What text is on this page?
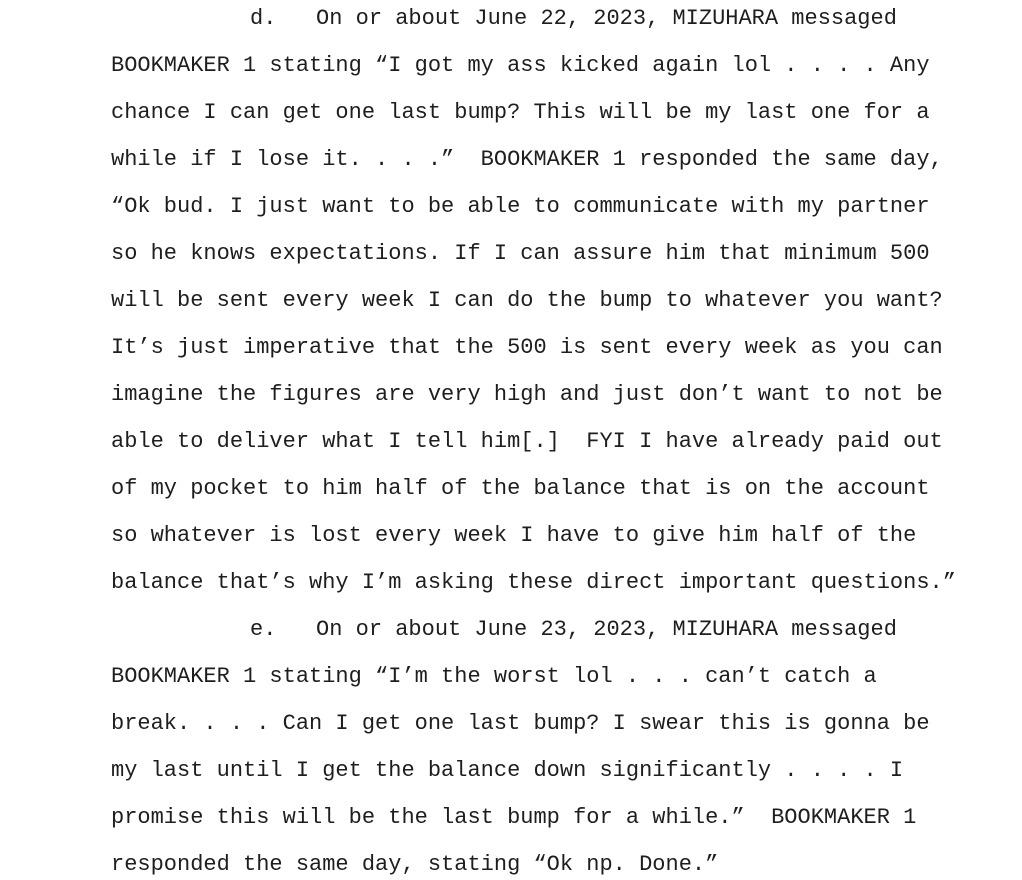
d.   On or about June 22, 2023, MIZUHARA messaged

BOOKMAKER 1 stating “I got my ass kicked again lol . . . . Any

chance I can get one last bump? This will be my last one for a

while if I lose it. . . .”  BOOKMAKER 1 responded the same day,

“Ok bud. I just want to be able to communicate with my partner

so he knows expectations. If I can assure him that minimum 500

will be sent every week I can do the bump to whatever you want?

It’s just imperative that the 500 is sent every week as you can

imagine the figures are very high and just don’t want to not be

able to deliver what I tell him[.]  FYI I have already paid out

of my pocket to him half of the balance that is on the account

so whatever is lost every week I have to give him half of the

balance that’s why I’m asking these direct important questions.”

e.   On or about June 23, 2023, MIZUHARA messaged

BOOKMAKER 1 stating “I’m the worst lol . . . can’t catch a

break. . . . Can I get one last bump? I swear this is gonna be

my last until I get the balance down significantly . . . . I

promise this will be the last bump for a while.”  BOOKMAKER 1

responded the same day, stating “Ok np. Done.”
